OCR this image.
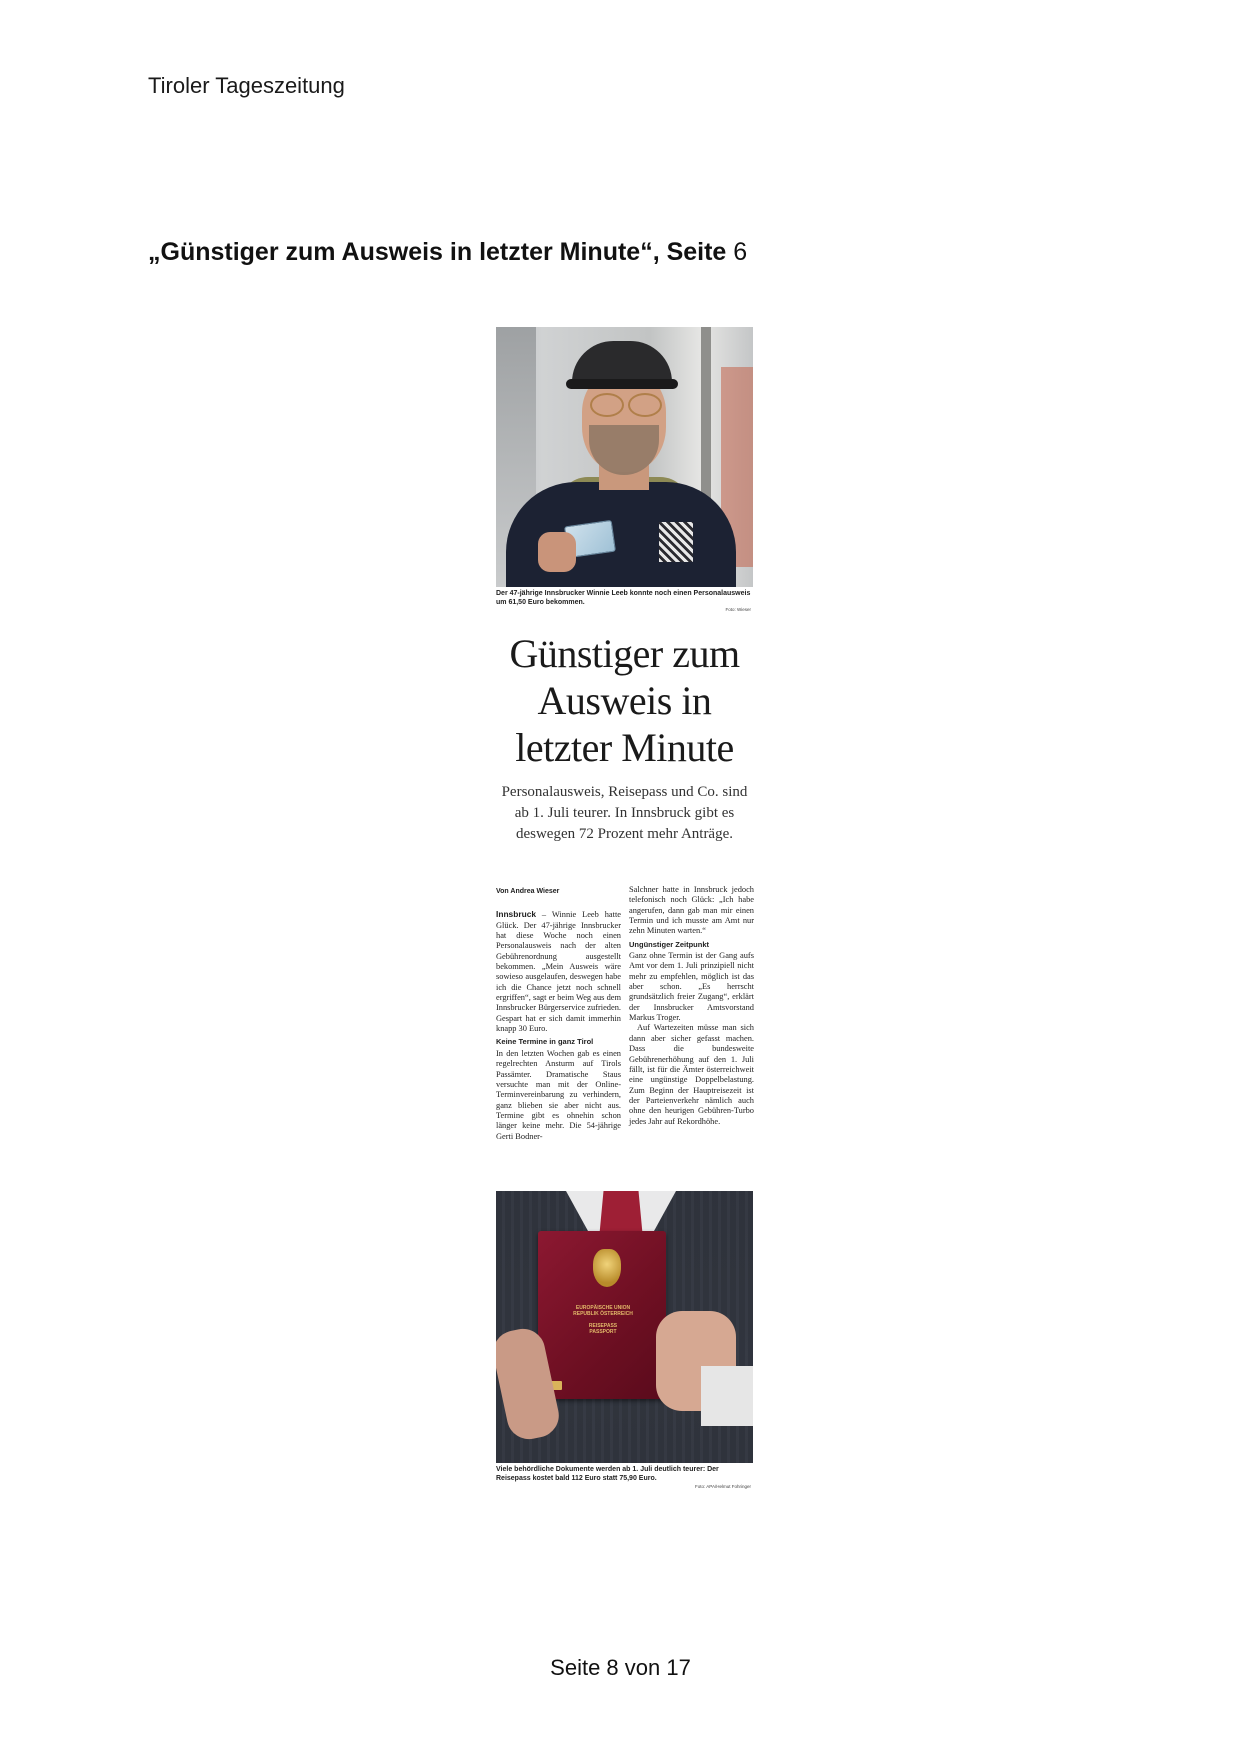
Tiroler Tageszeitung
„Günstiger zum Ausweis in letzter Minute“, Seite 6
Der 47-jährige Innsbrucker Winnie Leeb konnte noch einen Personalausweis um 61,50 Euro bekommen.
Foto: Wieser
Günstiger zum Ausweis in letzter Minute
Personalausweis, Reisepass und Co. sind ab 1. Juli teurer. In Innsbruck gibt es deswegen 72 Prozent mehr Anträge.

Von Andrea Wieser

Innsbruck – Winnie Leeb hatte Glück. Der 47-jährige Innsbrucker hat diese Woche noch einen Personalausweis nach der alten Gebührenordnung ausgestellt bekommen. „Mein Ausweis wäre sowieso ausgelaufen, deswegen habe ich die Chance jetzt noch schnell ergriffen“, sagt er beim Weg aus dem Innsbrucker Bürgerservice zufrieden. Gespart hat er sich damit immerhin knapp 30 Euro.

Keine Termine in ganz Tirol

In den letzten Wochen gab es einen regelrechten Ansturm auf Tirols Passämter. Dramatische Staus versuchte man mit der Online-Terminvereinbarung zu verhindern, ganz blieben sie aber nicht aus. Termine gibt es ohnehin schon länger keine mehr. Die 54-jährige Gerti Bodner-

Salchner hatte in Innsbruck jedoch telefonisch noch Glück: „Ich habe angerufen, dann gab man mir einen Termin und ich musste am Amt nur zehn Minuten warten.“

Ungünstiger Zeitpunkt

Ganz ohne Termin ist der Gang aufs Amt vor dem 1. Juli prinzipiell nicht mehr zu empfehlen, möglich ist das aber schon. „Es herrscht grundsätzlich freier Zugang“, erklärt der Innsbrucker Amtsvorstand Markus Troger.

Auf Wartezeiten müsse man sich dann aber sicher gefasst machen. Dass die bundesweite Gebührenerhöhung auf den 1. Juli fällt, ist für die Ämter österreichweit eine ungünstige Doppelbelastung. Zum Beginn der Hauptreisezeit ist der Parteienverkehr nämlich auch ohne den heurigen Gebühren-Turbo jedes Jahr auf Rekordhöhe.

EUROPÄISCHE UNION
REPUBLIK ÖSTERREICH
REISEPASS
PASSPORT
Viele behördliche Dokumente werden ab 1. Juli deutlich teurer: Der Reisepass kostet bald 112 Euro statt 75,90 Euro.
Foto: APA/Helmut Fohringer
Seite 8 von 17
